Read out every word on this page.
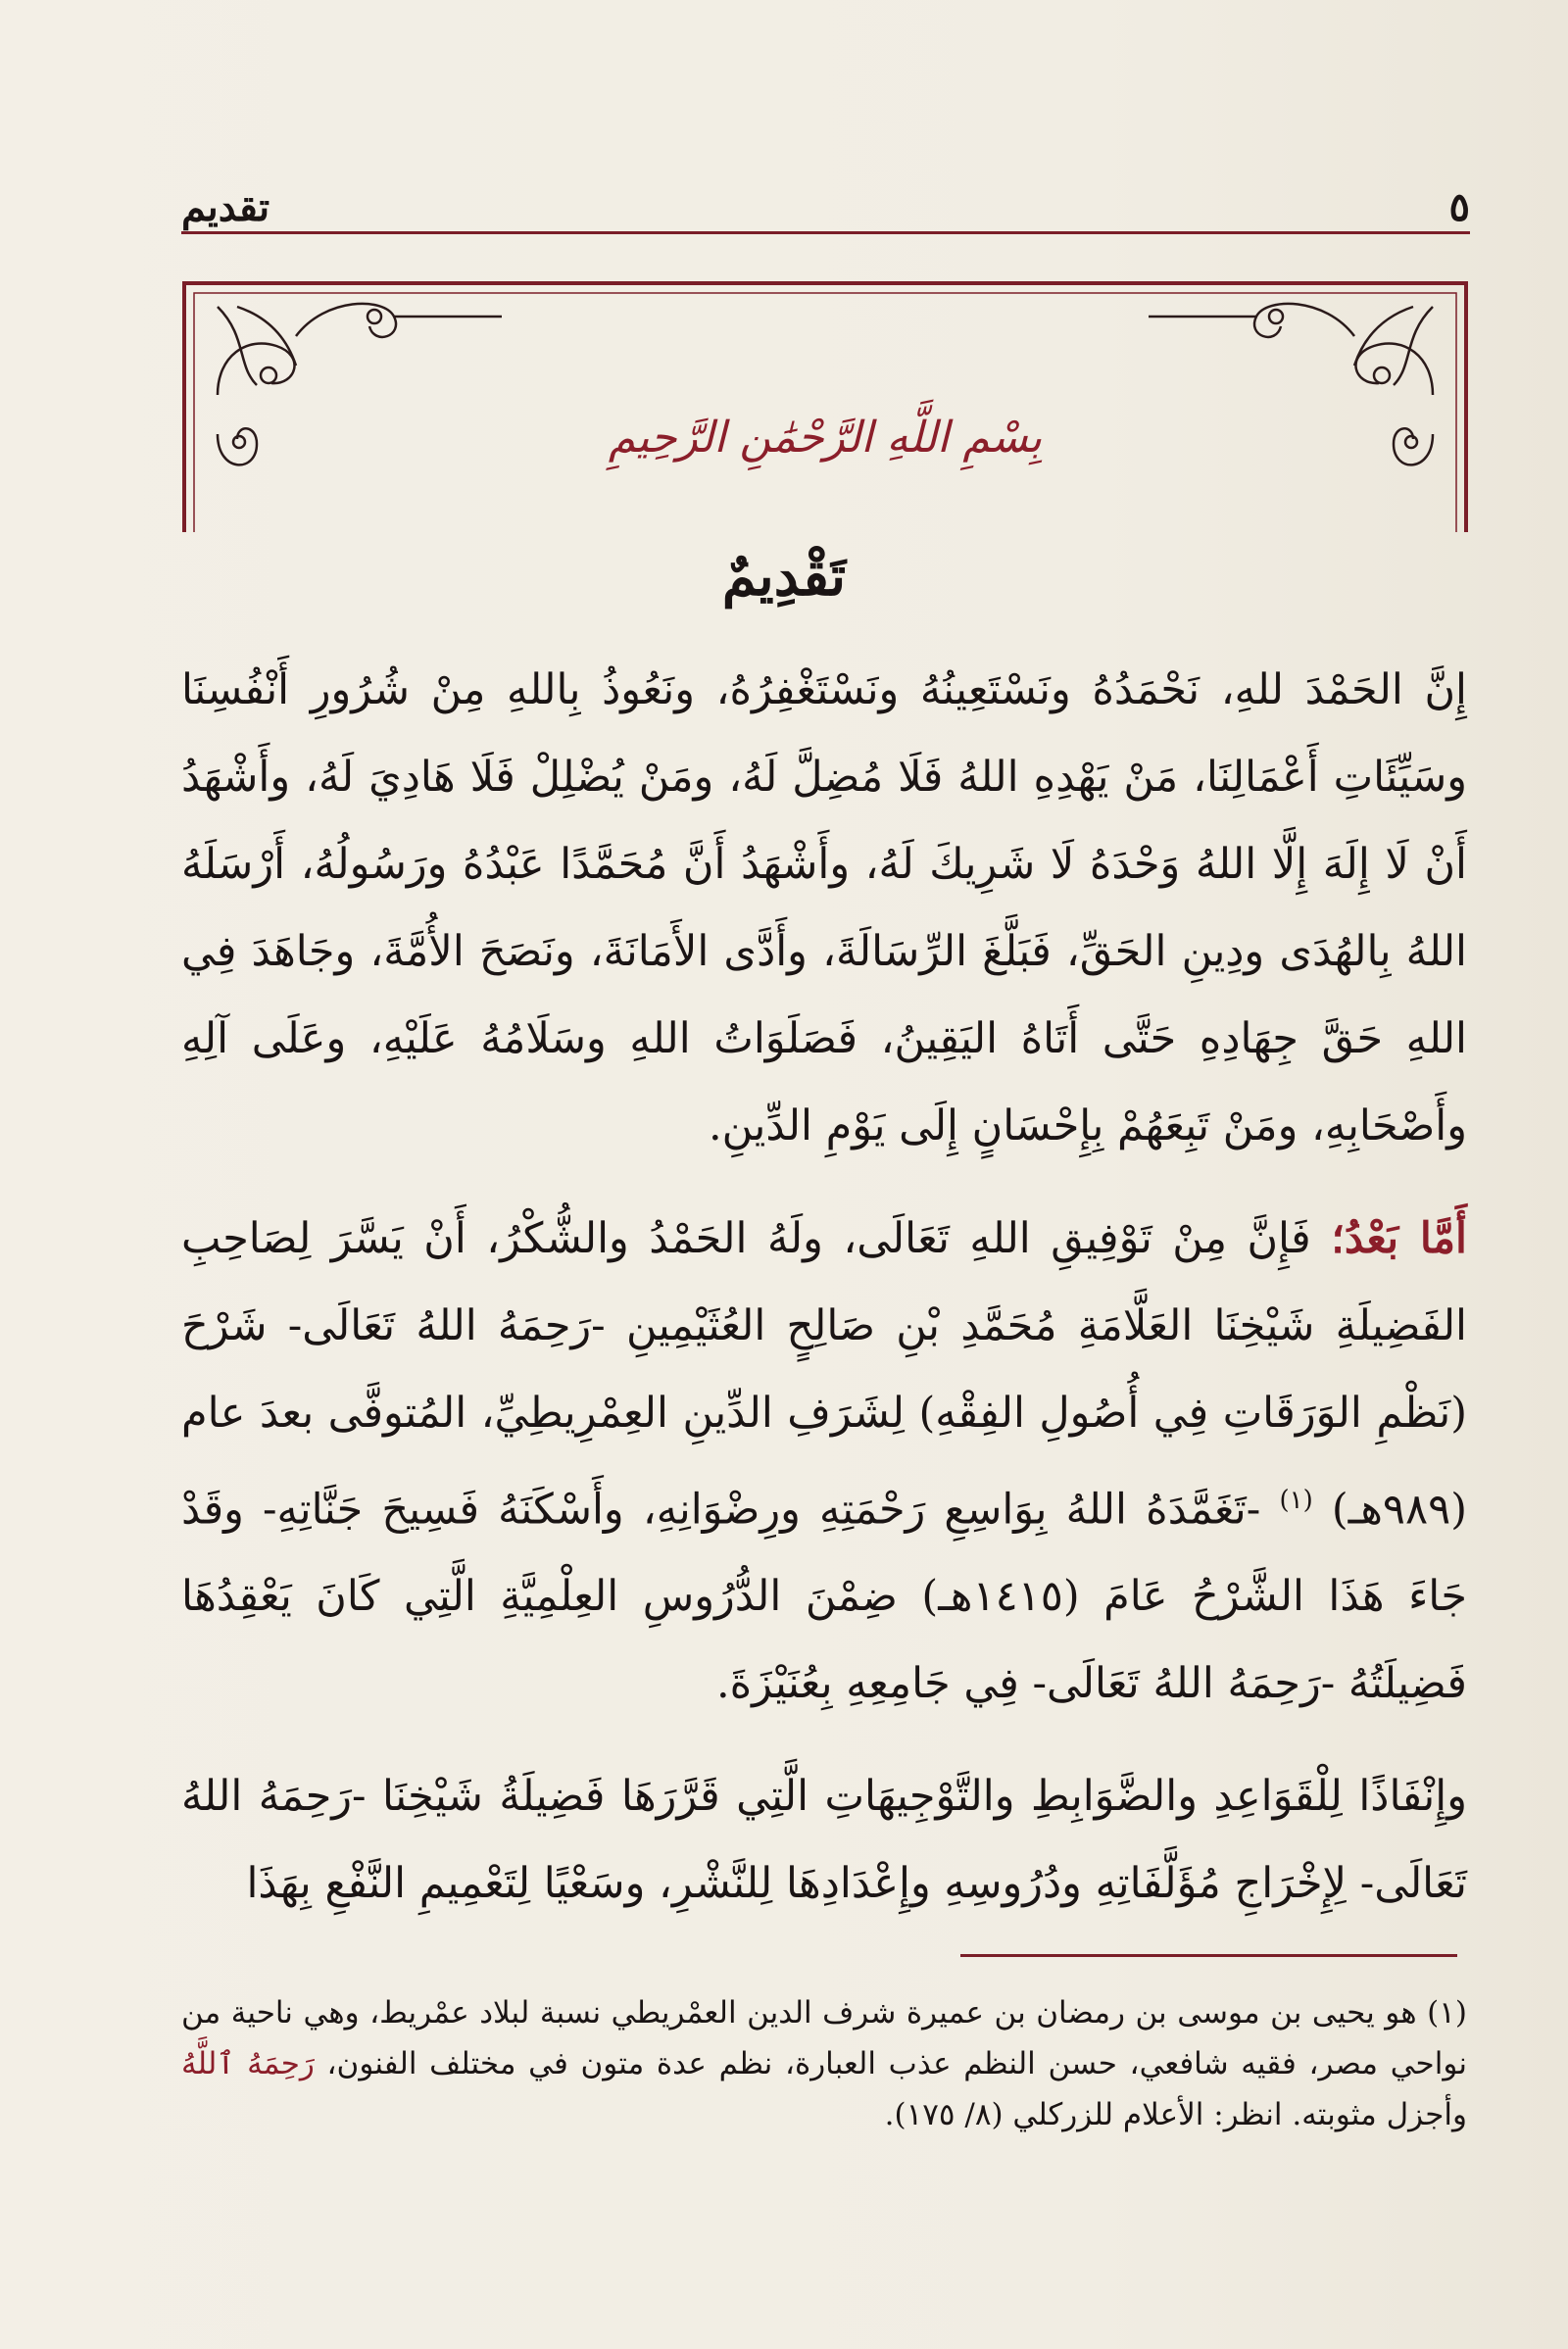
تقديم	٥
بِسْمِ اللَّهِ الرَّحْمَٰنِ الرَّحِيمِ
تَقْدِيمٌ

إِنَّ الحَمْدَ للهِ، نَحْمَدُهُ ونَسْتَعِينُهُ ونَسْتَغْفِرُهُ، ونَعُوذُ بِاللهِ مِنْ شُرُورِ أَنْفُسِنَا وسَيِّئَاتِ أَعْمَالِنَا، مَنْ يَهْدِهِ اللهُ فَلَا مُضِلَّ لَهُ، ومَنْ يُضْلِلْ فَلَا هَادِيَ لَهُ، وأَشْهَدُ أَنْ لَا إِلَهَ إِلَّا اللهُ وَحْدَهُ لَا شَرِيكَ لَهُ، وأَشْهَدُ أَنَّ مُحَمَّدًا عَبْدُهُ ورَسُولُهُ، أَرْسَلَهُ اللهُ بِالهُدَى ودِينِ الحَقِّ، فَبَلَّغَ الرِّسَالَةَ، وأَدَّى الأَمَانَةَ، ونَصَحَ الأُمَّةَ، وجَاهَدَ فِي اللهِ حَقَّ جِهَادِهِ حَتَّى أَتَاهُ اليَقِينُ، فَصَلَوَاتُ اللهِ وسَلَامُهُ عَلَيْهِ، وعَلَى آلِهِ وأَصْحَابِهِ، ومَنْ تَبِعَهُمْ بِإِحْسَانٍ إِلَى يَوْمِ الدِّينِ.

أَمَّا بَعْدُ؛ فَإِنَّ مِنْ تَوْفِيقِ اللهِ تَعَالَى، ولَهُ الحَمْدُ والشُّكْرُ، أَنْ يَسَّرَ لِصَاحِبِ الفَضِيلَةِ شَيْخِنَا العَلَّامَةِ مُحَمَّدِ بْنِ صَالِحٍ العُثَيْمِينِ -رَحِمَهُ اللهُ تَعَالَى- شَرْحَ (نَظْمِ الوَرَقَاتِ فِي أُصُولِ الفِقْهِ) لِشَرَفِ الدِّينِ العِمْرِيطِيِّ، المُتوفَّى بعدَ عام (٩٨٩هـ) $^{(١)}$ -تَغَمَّدَهُ اللهُ بِوَاسِعِ رَحْمَتِهِ ورِضْوَانِهِ، وأَسْكَنَهُ فَسِيحَ جَنَّاتِهِ- وقَدْ جَاءَ هَذَا الشَّرْحُ عَامَ (١٤١٥هـ) ضِمْنَ الدُّرُوسِ العِلْمِيَّةِ الَّتِي كَانَ يَعْقِدُهَا فَضِيلَتُهُ -رَحِمَهُ اللهُ تَعَالَى- فِي جَامِعِهِ بِعُنَيْزَةَ.

وإِنْفَاذًا لِلْقَوَاعِدِ والضَّوَابِطِ والتَّوْجِيهَاتِ الَّتِي قَرَّرَهَا فَضِيلَةُ شَيْخِنَا -رَحِمَهُ اللهُ تَعَالَى- لِإِخْرَاجِ مُؤَلَّفَاتِهِ ودُرُوسِهِ وإِعْدَادِهَا لِلنَّشْرِ، وسَعْيًا لِتَعْمِيمِ النَّفْعِ بِهَذَا

(١) هو يحيى بن موسى بن رمضان بن عميرة شرف الدين العمْريطي نسبة لبلاد عمْريط، وهي ناحية من نواحي مصر، فقيه شافعي، حسن النظم عذب العبارة، نظم عدة متون في مختلف الفنون، رَحِمَهُ ٱللَّهُ وأجزل مثوبته. انظر: الأعلام للزركلي (٨/ ١٧٥).
